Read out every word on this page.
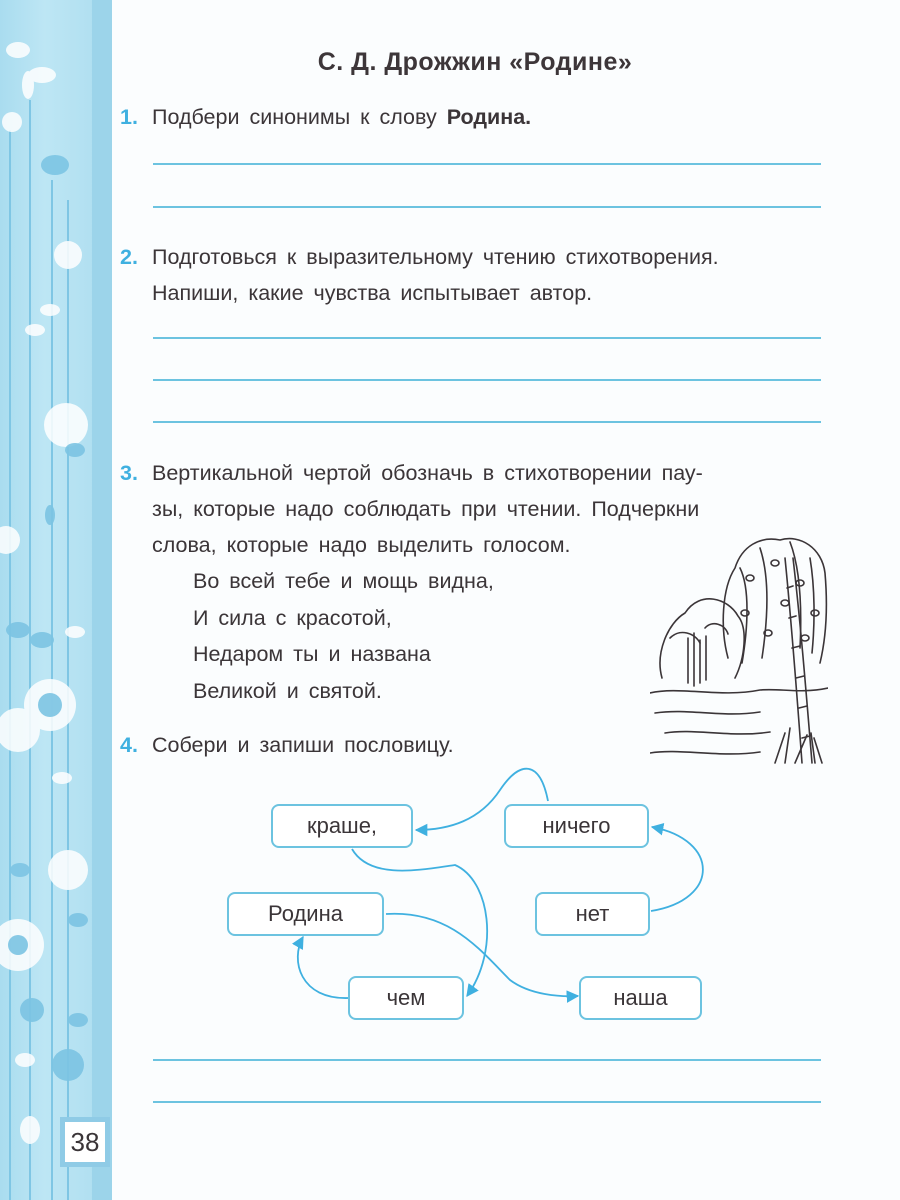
38
С. Д. Дрожжин «Родине»
1. Подбери синонимы к слову Родина.
2. Подготовься к выразительному чтению стихотворения.
Напиши, какие чувства испытывает автор.
3. Вертикальной чертой обозначь в стихотворении пау-
зы, которые надо соблюдать при чтении. Подчеркни
слова, которые надо выделить голосом.
Во всей тебе и мощь видна,
И сила с красотой,
Недаром ты и названа
Великой и святой.
4. Собери и запиши пословицу.
краше,	ничего
Родина	нет
чем	наша
